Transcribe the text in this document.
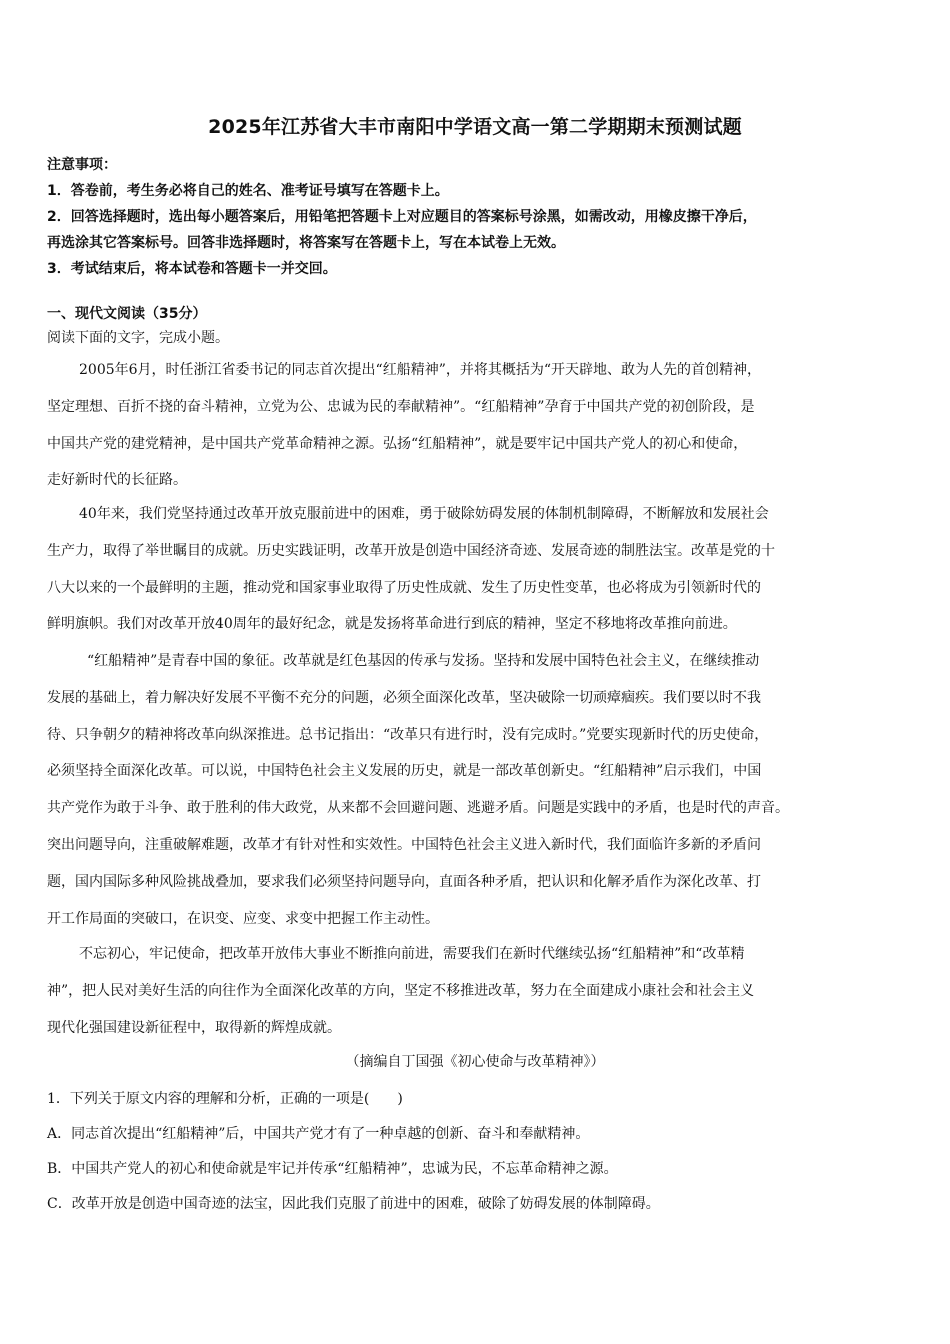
2025年江苏省大丰市南阳中学语文高一第二学期期末预测试题
注意事项：
1．答卷前，考生务必将自己的姓名、准考证号填写在答题卡上。
2．回答选择题时，选出每小题答案后，用铅笔把答题卡上对应题目的答案标号涂黑，如需改动，用橡皮擦干净后，
再选涂其它答案标号。回答非选择题时，将答案写在答题卡上，写在本试卷上无效。
3．考试结束后，将本试卷和答题卡一并交回。
一、现代文阅读（35分）
阅读下面的文字，完成小题。
2005年6月，时任浙江省委书记的同志首次提出“红船精神”，并将其概括为“开天辟地、敢为人先的首创精神，
坚定理想、百折不挠的奋斗精神，立党为公、忠诚为民的奉献精神”。“红船精神”孕育于中国共产党的初创阶段，是
中国共产党的建党精神，是中国共产党革命精神之源。弘扬“红船精神”，就是要牢记中国共产党人的初心和使命，
走好新时代的长征路。
40年来，我们党坚持通过改革开放克服前进中的困难，勇于破除妨碍发展的体制机制障碍，不断解放和发展社会
生产力，取得了举世瞩目的成就。历史实践证明，改革开放是创造中国经济奇迹、发展奇迹的制胜法宝。改革是党的十
八大以来的一个最鲜明的主题，推动党和国家事业取得了历史性成就、发生了历史性变革，也必将成为引领新时代的
鲜明旗帜。我们对改革开放40周年的最好纪念，就是发扬将革命进行到底的精神，坚定不移地将改革推向前进。
“红船精神”是青春中国的象征。改革就是红色基因的传承与发扬。坚持和发展中国特色社会主义，在继续推动
发展的基础上，着力解决好发展不平衡不充分的问题，必须全面深化改革，坚决破除一切顽瘴痼疾。我们要以时不我
待、只争朝夕的精神将改革向纵深推进。总书记指出：“改革只有进行时，没有完成时。”党要实现新时代的历史使命，
必须坚持全面深化改革。可以说，中国特色社会主义发展的历史，就是一部改革创新史。“红船精神”启示我们，中国
共产党作为敢于斗争、敢于胜利的伟大政党，从来都不会回避问题、逃避矛盾。问题是实践中的矛盾，也是时代的声音。
突出问题导向，注重破解难题，改革才有针对性和实效性。中国特色社会主义进入新时代，我们面临许多新的矛盾问
题，国内国际多种风险挑战叠加，要求我们必须坚持问题导向，直面各种矛盾，把认识和化解矛盾作为深化改革、打
开工作局面的突破口，在识变、应变、求变中把握工作主动性。
不忘初心，牢记使命，把改革开放伟大事业不断推向前进，需要我们在新时代继续弘扬“红船精神”和“改革精
神”，把人民对美好生活的向往作为全面深化改革的方向，坚定不移推进改革，努力在全面建成小康社会和社会主义
现代化强国建设新征程中，取得新的辉煌成就。
（摘编自丁国强《初心使命与改革精神》）
1．下列关于原文内容的理解和分析，正确的一项是(　　)
A．同志首次提出“红船精神”后，中国共产党才有了一种卓越的创新、奋斗和奉献精神。
B．中国共产党人的初心和使命就是牢记并传承“红船精神”，忠诚为民，不忘革命精神之源。
C．改革开放是创造中国奇迹的法宝，因此我们克服了前进中的困难，破除了妨碍发展的体制障碍。
